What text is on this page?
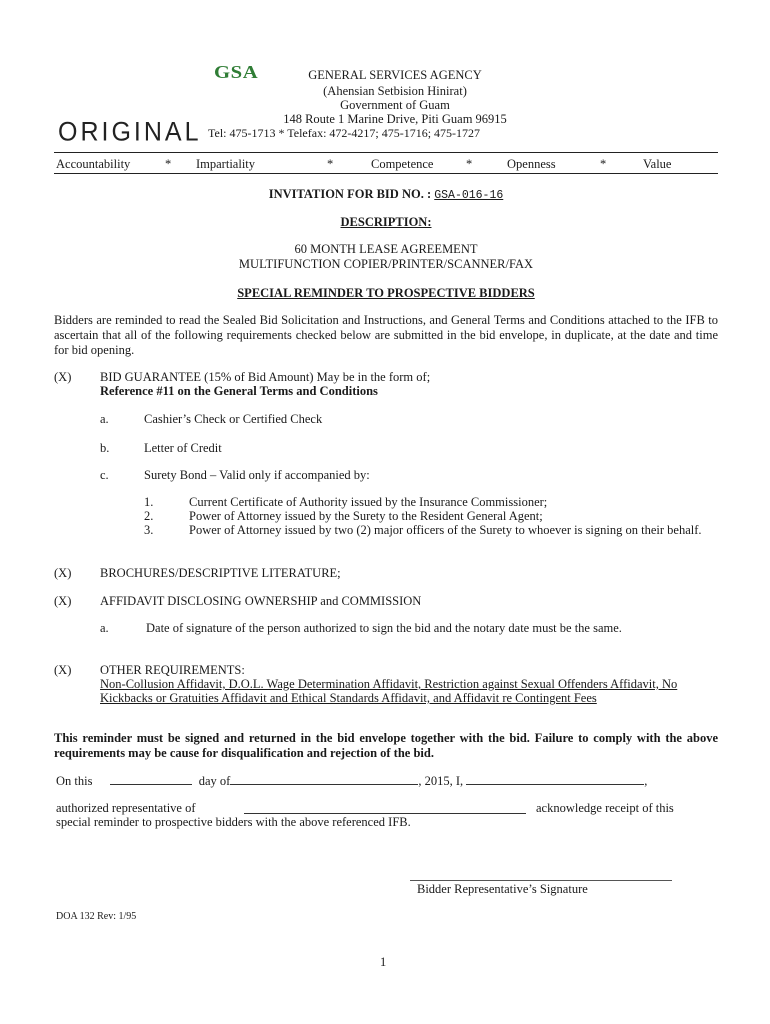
GSA	GENERAL SERVICES AGENCY
(Ahensian Setbision Hinirat)
Government of Guam
148 Route 1 Marine Drive, Piti Guam 96915
ORIGINAL Tel: 475-1713 * Telefax: 472-4217; 475-1716; 475-1727
Accountability	* Impartiality	*	Competence	*	Openness	*	Value
INVITATION FOR BID NO. : GSA-016-16
DESCRIPTION:
60 MONTH LEASE AGREEMENT
MULTIFUNCTION COPIER/PRINTER/SCANNER/FAX
SPECIAL REMINDER TO PROSPECTIVE BIDDERS
Bidders are reminded to read the Sealed Bid Solicitation and Instructions, and General Terms and Conditions attached to the IFB to ascertain that all of the following requirements checked below are submitted in the bid envelope, in duplicate, at the date and time for bid opening.
(X) BID GUARANTEE (15% of Bid Amount) May be in the form of;
Reference #11 on the General Terms and Conditions
a.	Cashier’s Check or Certified Check
b.	Letter of Credit
c.	Surety Bond – Valid only if accompanied by:
1.	Current Certificate of Authority issued by the Insurance Commissioner;
2.	Power of Attorney issued by the Surety to the Resident General Agent;
3.	Power of Attorney issued by two (2) major officers of the Surety to whoever is signing on their behalf.
(X) BROCHURES/DESCRIPTIVE LITERATURE;
(X) AFFIDAVIT DISCLOSING OWNERSHIP and COMMISSION
a.	Date of signature of the person authorized to sign the bid and the notary date must be the same.
(X) OTHER REQUIREMENTS:
Non-Collusion Affidavit, D.O.L. Wage Determination Affidavit, Restriction against Sexual Offenders Affidavit, No Kickbacks or Gratuities Affidavit and Ethical Standards Affidavit, and Affidavit re Contingent Fees
This reminder must be signed and returned in the bid envelope together with the bid. Failure to comply with the above requirements may be cause for disqualification and rejection of the bid.
On this	day of	, 2015, I,	,
authorized representative of	acknowledge receipt of this
special reminder to prospective bidders with the above referenced IFB.
Bidder Representative’s Signature
DOA 132 Rev: 1/95
1
